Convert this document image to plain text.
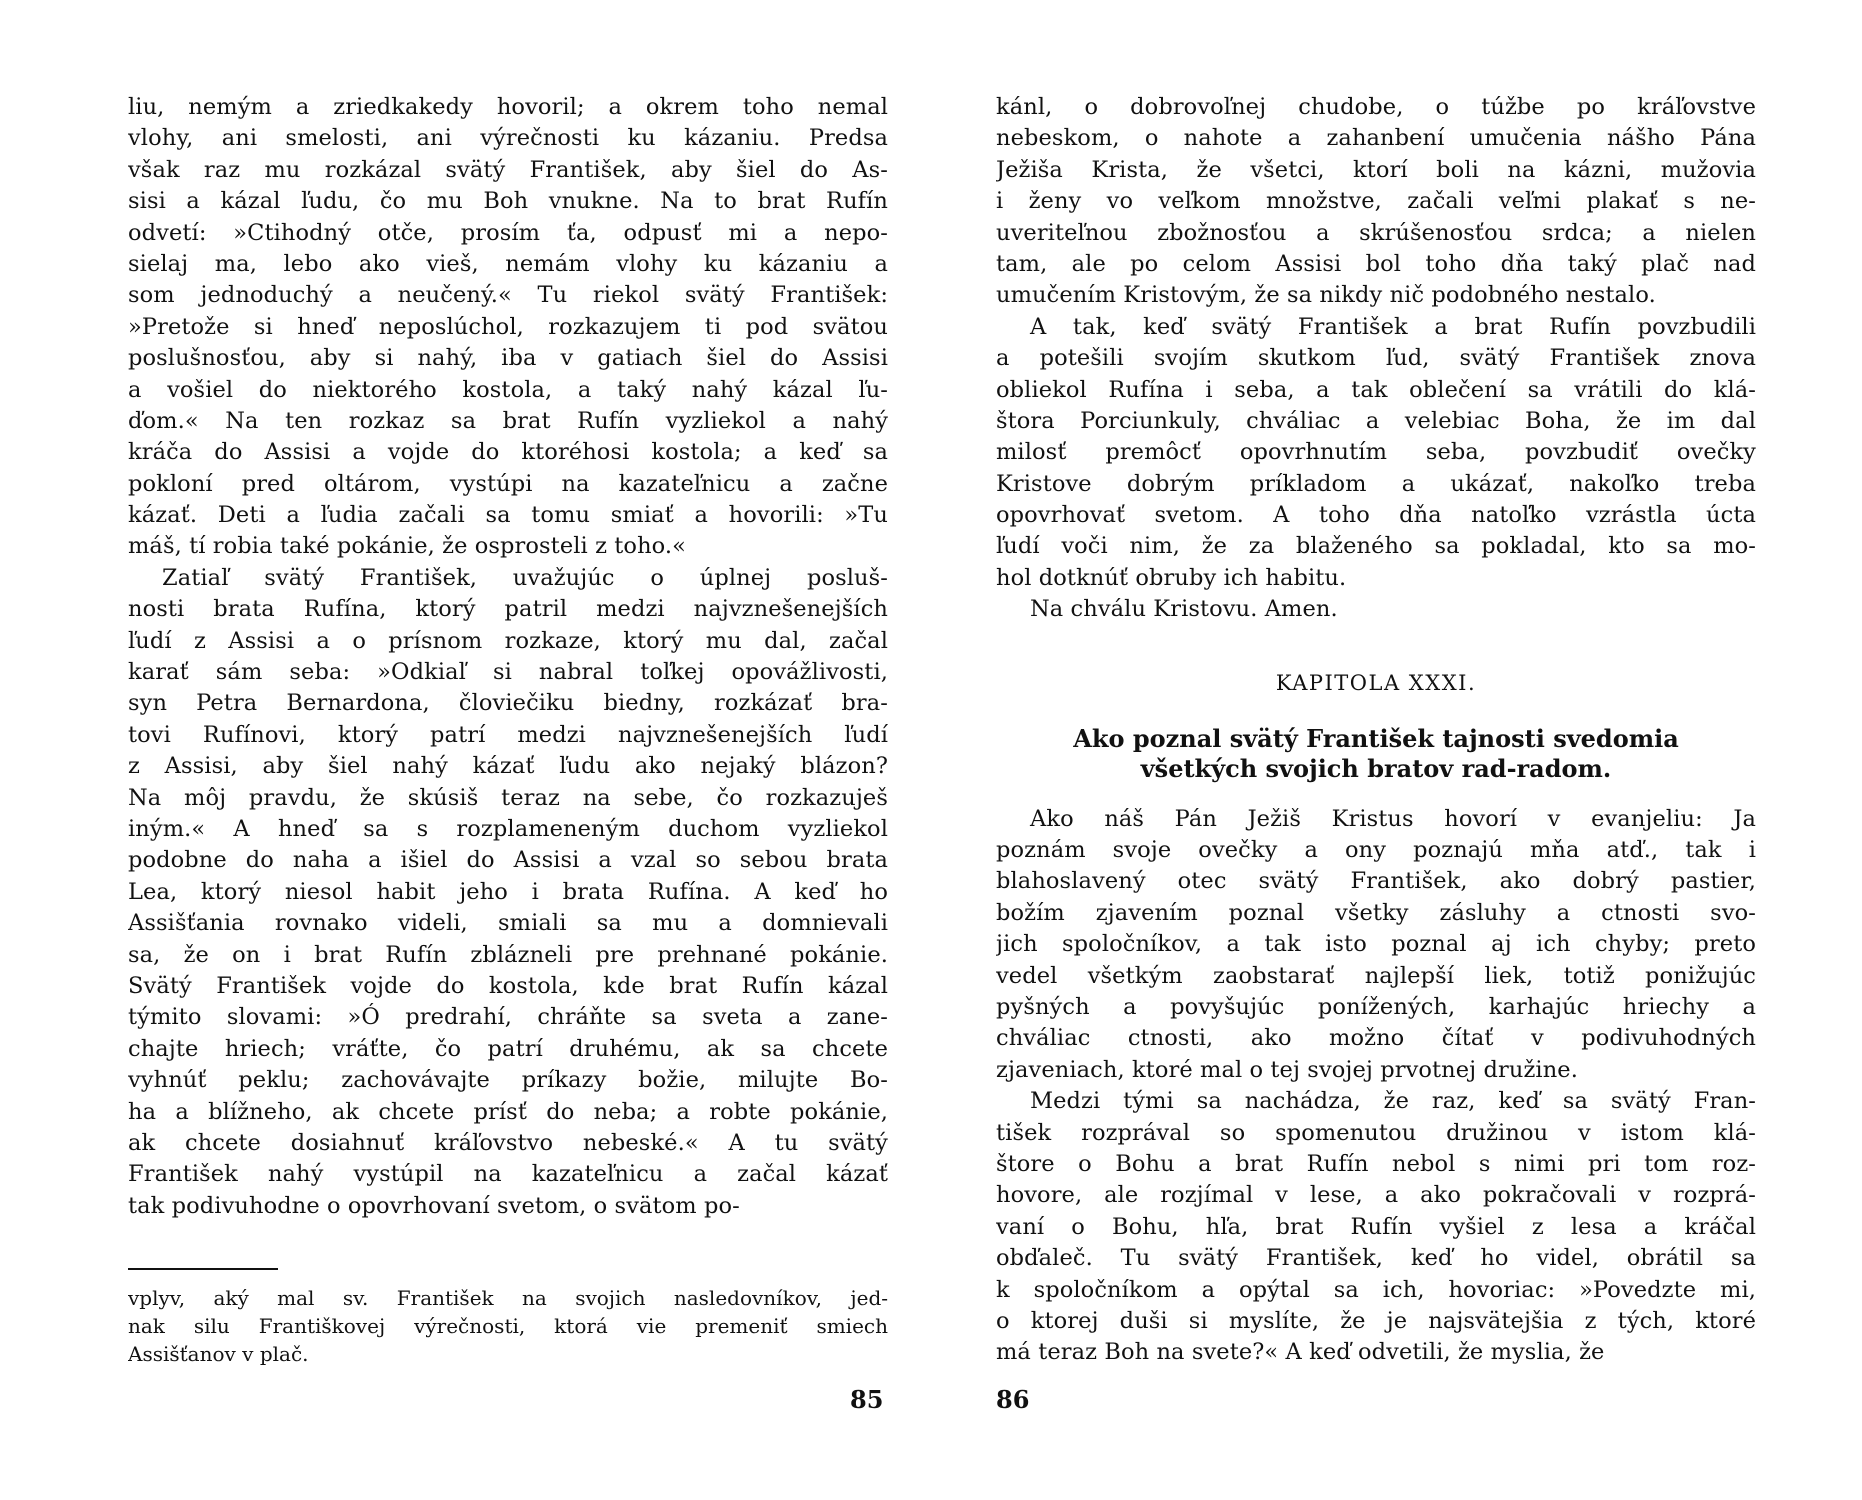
liu, nemým a zriedkakedy hovoril; a okrem toho nemal
vlohy, ani smelosti, ani výrečnosti ku kázaniu. Predsa
však raz mu rozkázal svätý František, aby šiel do As-
sisi a kázal ľudu, čo mu Boh vnukne. Na to brat Rufín
odvetí: »Ctihodný otče, prosím ťa, odpusť mi a nepo-
sielaj ma, lebo ako vieš, nemám vlohy ku kázaniu a
som jednoduchý a neučený.« Tu riekol svätý František:
»Pretože si hneď neposlúchol, rozkazujem ti pod svätou
poslušnosťou, aby si nahý, iba v gatiach šiel do Assisi
a vošiel do niektorého kostola, a taký nahý kázal ľu-
ďom.« Na ten rozkaz sa brat Rufín vyzliekol a nahý
kráča do Assisi a vojde do ktoréhosi kostola; a keď sa
pokloní pred oltárom, vystúpi na kazateľnicu a začne
kázať. Deti a ľudia začali sa tomu smiať a hovorili: »Tu
máš, tí robia také pokánie, že osprosteli z toho.«
Zatiaľ svätý František, uvažujúc o úplnej posluš-
nosti brata Rufína, ktorý patril medzi najvznešenejších
ľudí z Assisi a o prísnom rozkaze, ktorý mu dal, začal
karať sám seba: »Odkiaľ si nabral toľkej opovážlivosti,
syn Petra Bernardona, človiečiku biedny, rozkázať bra-
tovi Rufínovi, ktorý patrí medzi najvznešenejších ľudí
z Assisi, aby šiel nahý kázať ľudu ako nejaký blázon?
Na môj pravdu, že skúsiš teraz na sebe, čo rozkazuješ
iným.« A hneď sa s rozplameneným duchom vyzliekol
podobne do naha a išiel do Assisi a vzal so sebou brata
Lea, ktorý niesol habit jeho i brata Rufína. A keď ho
Assišťania rovnako videli, smiali sa mu a domnievali
sa, že on i brat Rufín zblázneli pre prehnané pokánie.
Svätý František vojde do kostola, kde brat Rufín kázal
týmito slovami: »Ó predrahí, chráňte sa sveta a zane-
chajte hriech; vráťte, čo patrí druhému, ak sa chcete
vyhnúť peklu; zachovávajte príkazy božie, milujte Bo-
ha a blížneho, ak chcete prísť do neba; a robte pokánie,
ak chcete dosiahnuť kráľovstvo nebeské.« A tu svätý
František nahý vystúpil na kazateľnicu a začal kázať
tak podivuhodne o opovrhovaní svetom, o svätom po-
vplyv, aký mal sv. František na svojich nasledovníkov, jed-
nak silu Františkovej výrečnosti, ktorá vie premeniť smiech
Assišťanov v plač.
85
kánl, o dobrovoľnej chudobe, o túžbe po kráľovstve
nebeskom, o nahote a zahanbení umučenia nášho Pána
Ježiša Krista, že všetci, ktorí boli na kázni, mužovia
i ženy vo veľkom množstve, začali veľmi plakať s ne-
uveriteľnou zbožnosťou a skrúšenosťou srdca; a nielen
tam, ale po celom Assisi bol toho dňa taký plač nad
umučením Kristovým, že sa nikdy nič podobného nestalo.
A tak, keď svätý František a brat Rufín povzbudili
a potešili svojím skutkom ľud, svätý František znova
obliekol Rufína i seba, a tak oblečení sa vrátili do klá-
štora Porciunkuly, chváliac a velebiac Boha, že im dal
milosť premôcť opovrhnutím seba, povzbudiť ovečky
Kristove dobrým príkladom a ukázať, nakoľko treba
opovrhovať svetom. A toho dňa natoľko vzrástla úcta
ľudí voči nim, že za blaženého sa pokladal, kto sa mo-
hol dotknúť obruby ich habitu.
Na chválu Kristovu. Amen.
KAPITOLA XXXI.
Ako poznal svätý František tajnosti svedomia
všetkých svojich bratov rad-radom.
Ako náš Pán Ježiš Kristus hovorí v evanjeliu: Ja
poznám svoje ovečky a ony poznajú mňa atď., tak i
blahoslavený otec svätý František, ako dobrý pastier,
božím zjavením poznal všetky zásluhy a ctnosti svo-
jich spoločníkov, a tak isto poznal aj ich chyby; preto
vedel všetkým zaobstarať najlepší liek, totiž ponižujúc
pyšných a povyšujúc ponížených, karhajúc hriechy a
chváliac ctnosti, ako možno čítať v podivuhodných
zjaveniach, ktoré mal o tej svojej prvotnej družine.
Medzi tými sa nachádza, že raz, keď sa svätý Fran-
tišek rozprával so spomenutou družinou v istom klá-
štore o Bohu a brat Rufín nebol s nimi pri tom roz-
hovore, ale rozjímal v lese, a ako pokračovali v rozprá-
vaní o Bohu, hľa, brat Rufín vyšiel z lesa a kráčal
obďaleč. Tu svätý František, keď ho videl, obrátil sa
k spoločníkom a opýtal sa ich, hovoriac: »Povedzte mi,
o ktorej duši si myslíte, že je najsvätejšia z tých, ktoré
má teraz Boh na svete?« A keď odvetili, že myslia, že
86
